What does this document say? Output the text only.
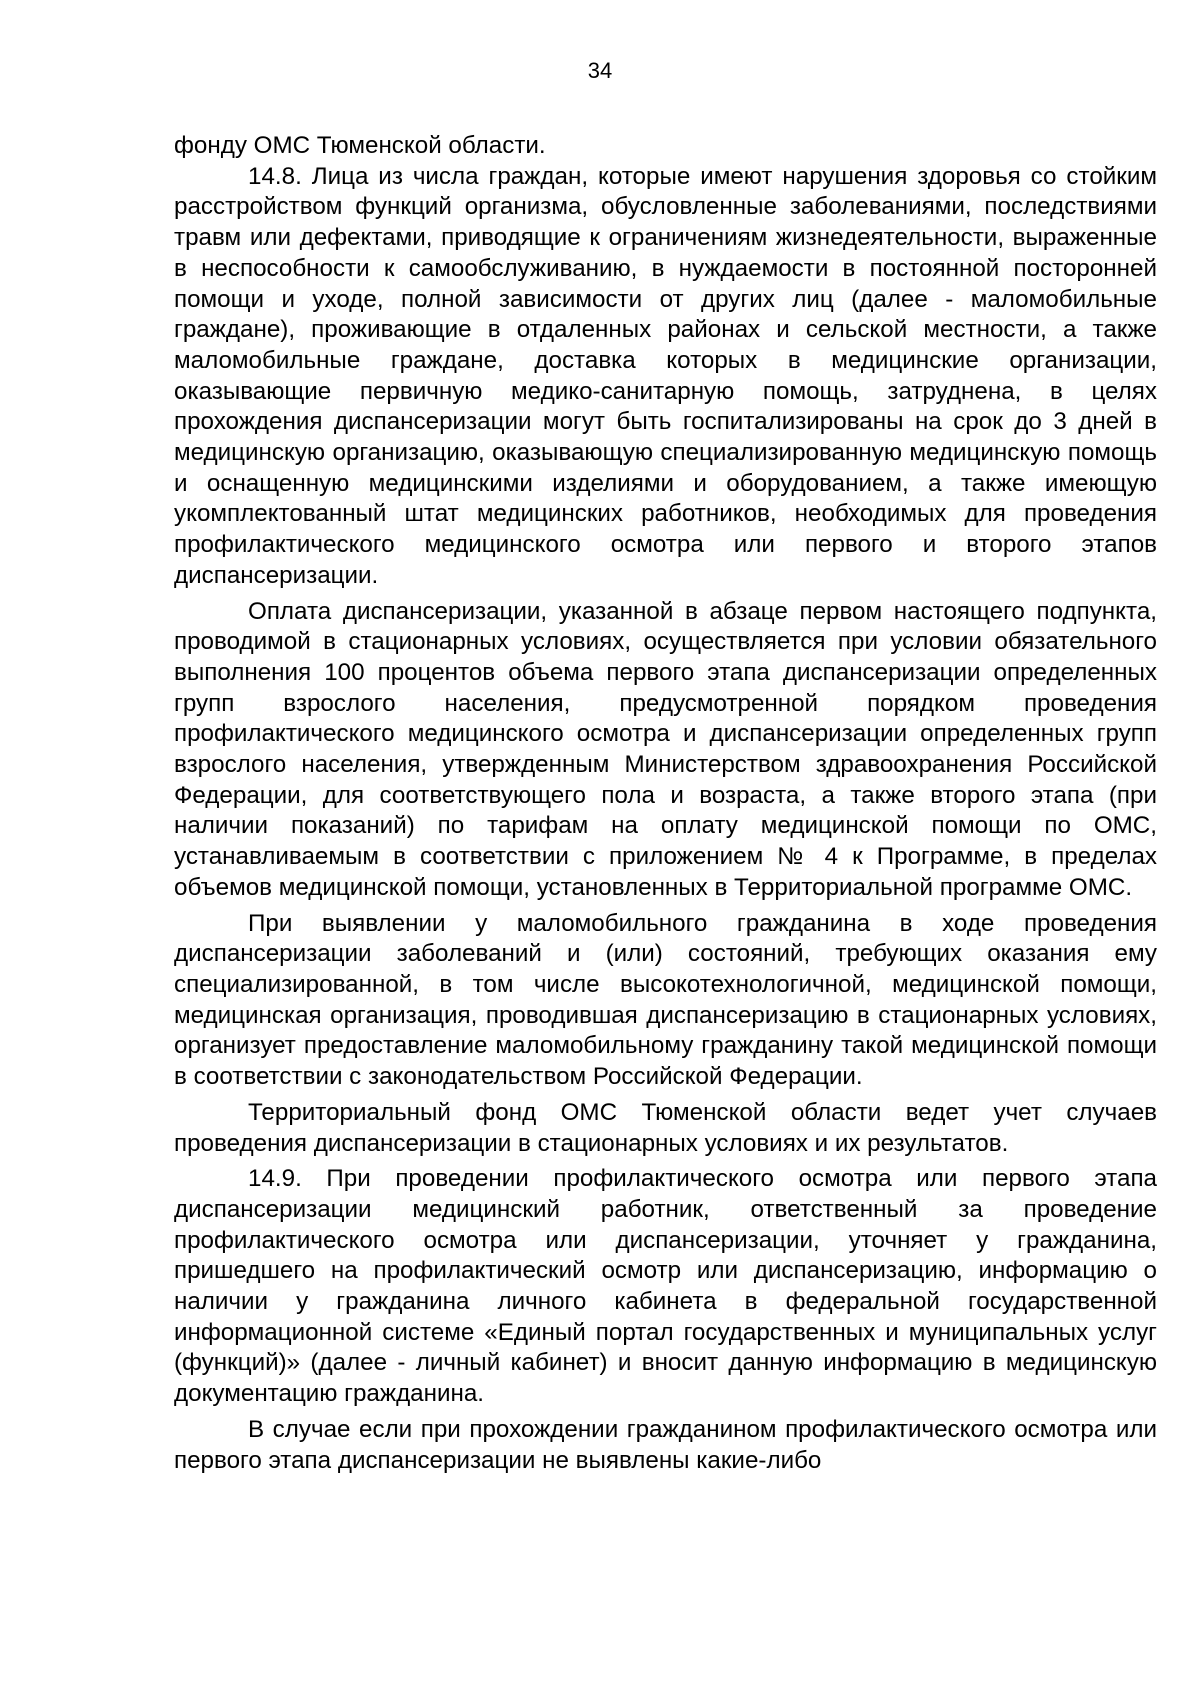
34

фонду ОМС Тюменской области.

14.8. Лица из числа граждан, которые имеют нарушения здоровья со стойким расстройством функций организма, обусловленные заболеваниями, последствиями травм или дефектами, приводящие к ограничениям жизнедеятельности, выраженные в неспособности к самообслуживанию, в нуждаемости в постоянной посторонней помощи и уходе, полной зависимости от других лиц (далее - маломобильные граждане), проживающие в отдаленных районах и сельской местности, а также маломобильные граждане, доставка которых в медицинские организации, оказывающие первичную медико-санитарную помощь, затруднена, в целях прохождения диспансеризации могут быть госпитализированы на срок до 3 дней в медицинскую организацию, оказывающую специализированную медицинскую помощь и оснащенную медицинскими изделиями и оборудованием, а также имеющую укомплектованный штат медицинских работников, необходимых для проведения профилактического медицинского осмотра или первого и второго этапов диспансеризации.

Оплата диспансеризации, указанной в абзаце первом настоящего подпункта, проводимой в стационарных условиях, осуществляется при условии обязательного выполнения 100 процентов объема первого этапа диспансеризации определенных групп взрослого населения, предусмотренной порядком проведения профилактического медицинского осмотра и диспансеризации определенных групп взрослого населения, утвержденным Министерством здравоохранения Российской Федерации, для соответствующего пола и возраста, а также второго этапа (при наличии показаний) по тарифам на оплату медицинской помощи по ОМС, устанавливаемым в соответствии с приложением № 4 к Программе, в пределах объемов медицинской помощи, установленных в Территориальной программе ОМС.

При выявлении у маломобильного гражданина в ходе проведения диспансеризации заболеваний и (или) состояний, требующих оказания ему специализированной, в том числе высокотехнологичной, медицинской помощи, медицинская организация, проводившая диспансеризацию в стационарных условиях, организует предоставление маломобильному гражданину такой медицинской помощи в соответствии с законодательством Российской Федерации.

Территориальный фонд ОМС Тюменской области ведет учет случаев проведения диспансеризации в стационарных условиях и их результатов.

14.9. При проведении профилактического осмотра или первого этапа диспансеризации медицинский работник, ответственный за проведение профилактического осмотра или диспансеризации, уточняет у гражданина, пришедшего на профилактический осмотр или диспансеризацию, информацию о наличии у гражданина личного кабинета в федеральной государственной информационной системе «Единый портал государственных и муниципальных услуг (функций)» (далее - личный кабинет) и вносит данную информацию в медицинскую документацию гражданина.

В случае если при прохождении гражданином профилактического осмотра или первого этапа диспансеризации не выявлены какие-либо
